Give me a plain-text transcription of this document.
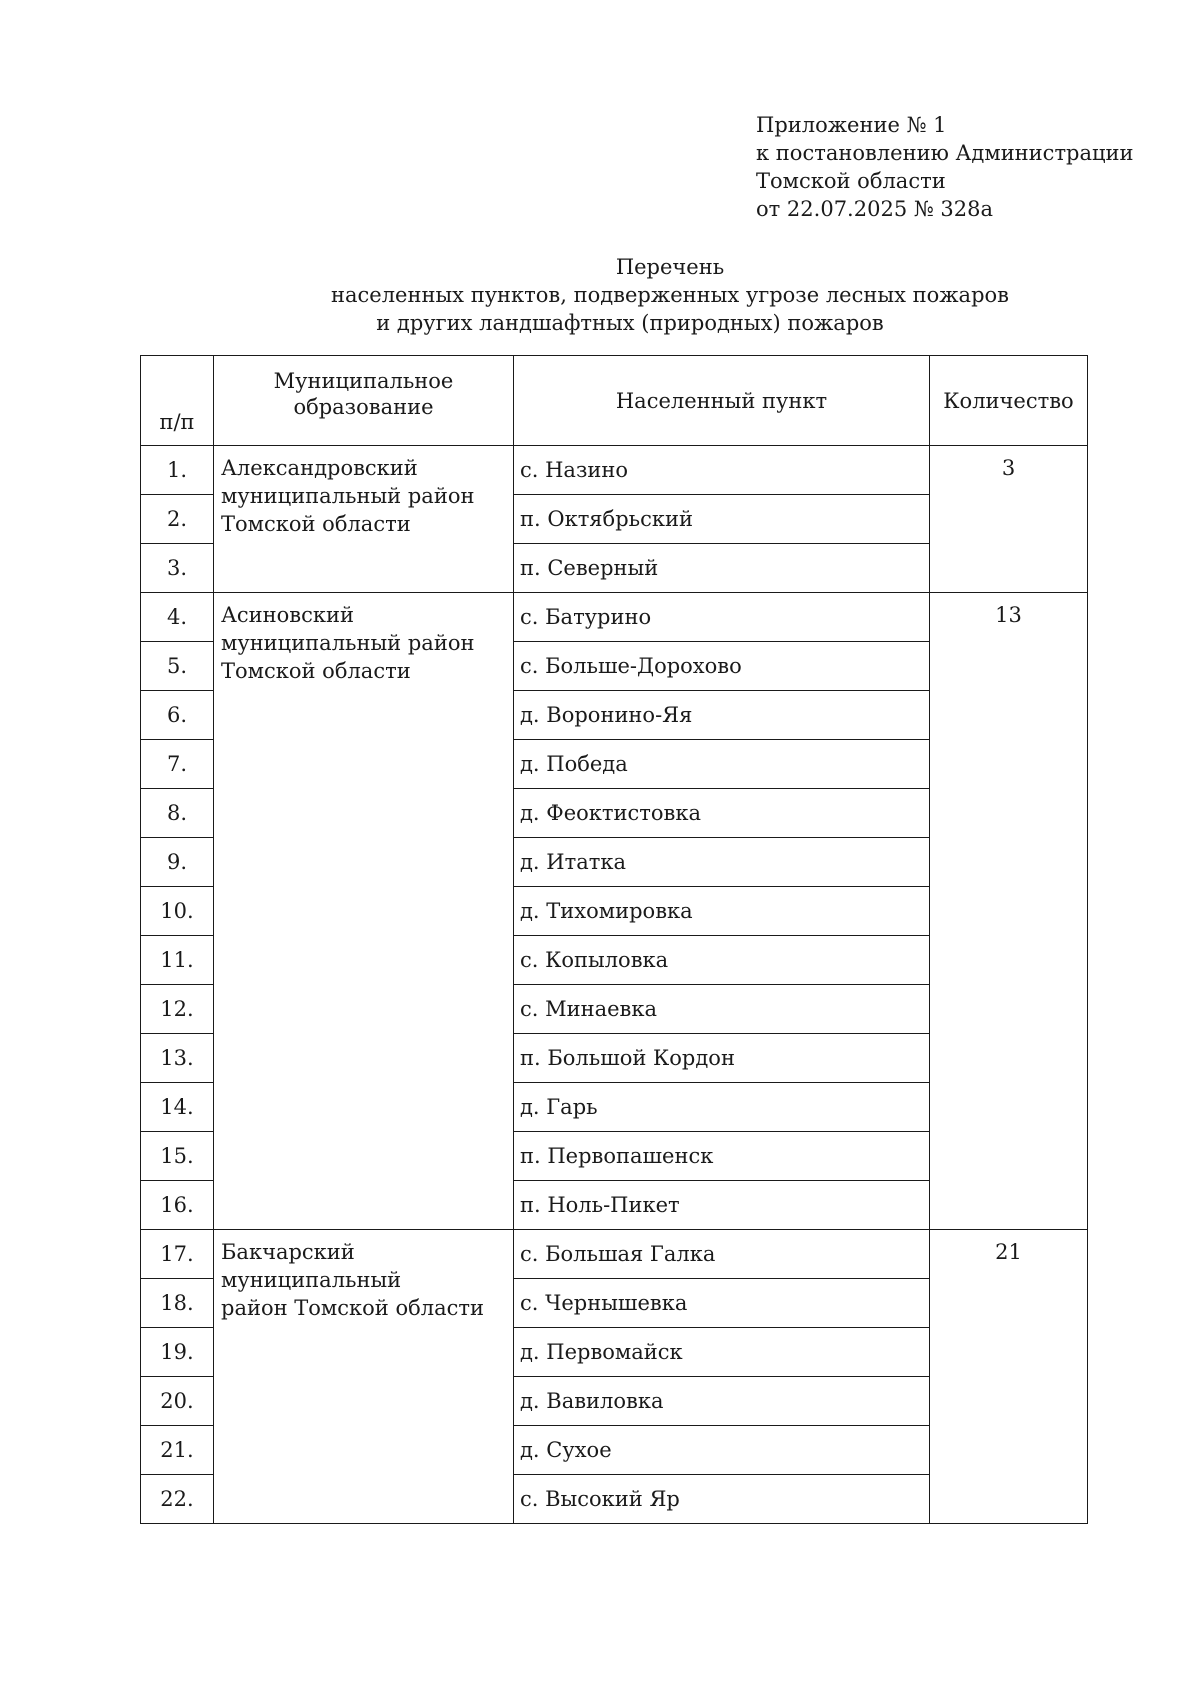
Приложение № 1
к постановлению Администрации
Томской области
от 22.07.2025 № 328а
Перечень
населенных пунктов, подверженных угрозе лесных пожаров
и других ландшафтных (природных) пожаров
п/п	Муниципальное образование	Населенный пункт	Количество
1.	Александровский
муниципальный район
Томской области	с. Назино	3
2.		п. Октябрьский	
3.		п. Северный	
4.	Асиновский
муниципальный район
Томской области	с. Батурино	13
5.		с. Больше-Дорохово	
6.		д. Воронино-Яя	
7.		д. Победа	
8.		д. Феоктистовка	
9.		д. Итатка	
10.		д. Тихомировка	
11.		с. Копыловка	
12.		с. Минаевка	
13.		п. Большой Кордон	
14.		д. Гарь	
15.		п. Первопашенск	
16.		п. Ноль-Пикет	
17.	Бакчарский
муниципальный
район Томской области	с. Большая Галка	21
18.		с. Чернышевка	
19.		д. Первомайск	
20.		д. Вавиловка	
21.		д. Сухое	
22.		с. Высокий Яр	
